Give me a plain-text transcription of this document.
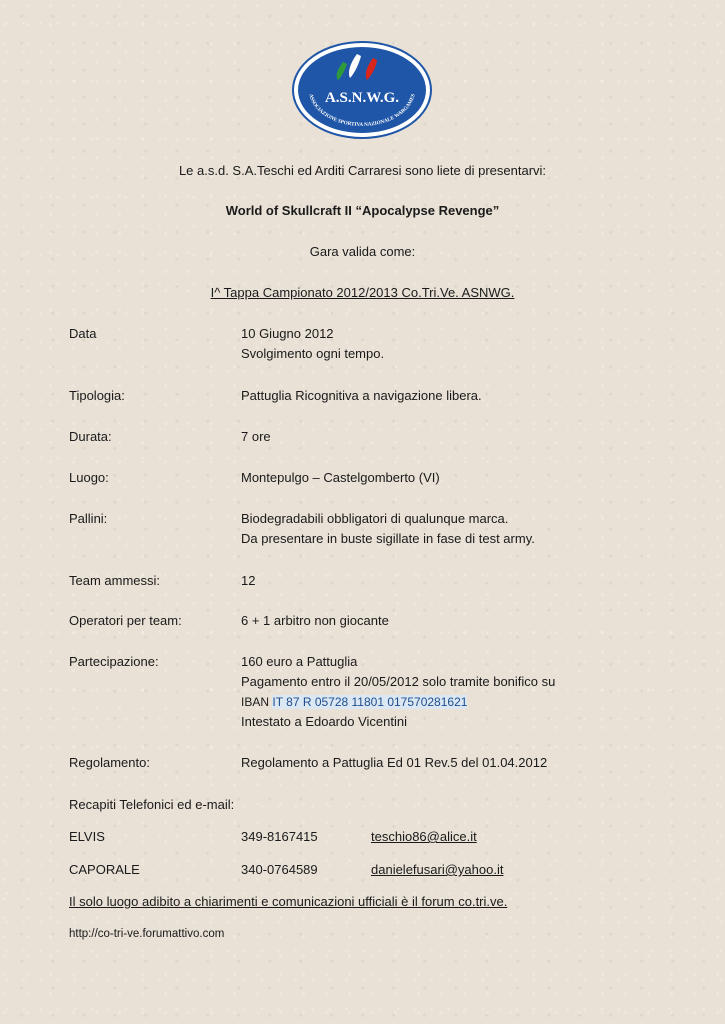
A.S.N.W.G.
ASSOCIAZIONE SPORTIVA NAZIONALE WARGAMES
Le a.s.d. S.A.Teschi ed Arditi Carraresi sono liete di presentarvi:
World of Skullcraft II “Apocalypse Revenge”
Gara valida come:
I^ Tappa Campionato 2012/2013 Co.Tri.Ve. ASNWG.
Data	10 Giugno 2012
Svolgimento ogni tempo.
Tipologia:	Pattuglia Ricognitiva a navigazione libera.
Durata:	7 ore
Luogo:	Montepulgo – Castelgomberto (VI)
Pallini:	Biodegradabili obbligatori di qualunque marca.
Da presentare in buste sigillate in fase di test army.
Team ammessi:	12
Operatori per team:	6 + 1 arbitro non giocante
Partecipazione:	160 euro a Pattuglia
Pagamento entro il 20/05/2012 solo tramite bonifico su
IBAN IT 87 R 05728 11801 017570281621
Intestato a Edoardo Vicentini
Regolamento:	Regolamento a Pattuglia Ed 01 Rev.5 del 01.04.2012
Recapiti Telefonici ed e-mail:
ELVIS	349-8167415	teschio86@alice.it
CAPORALE	340-0764589	danielefusari@yahoo.it
Il solo luogo adibito a chiarimenti e comunicazioni ufficiali è il forum co.tri.ve.
http://co-tri-ve.forumattivo.com
